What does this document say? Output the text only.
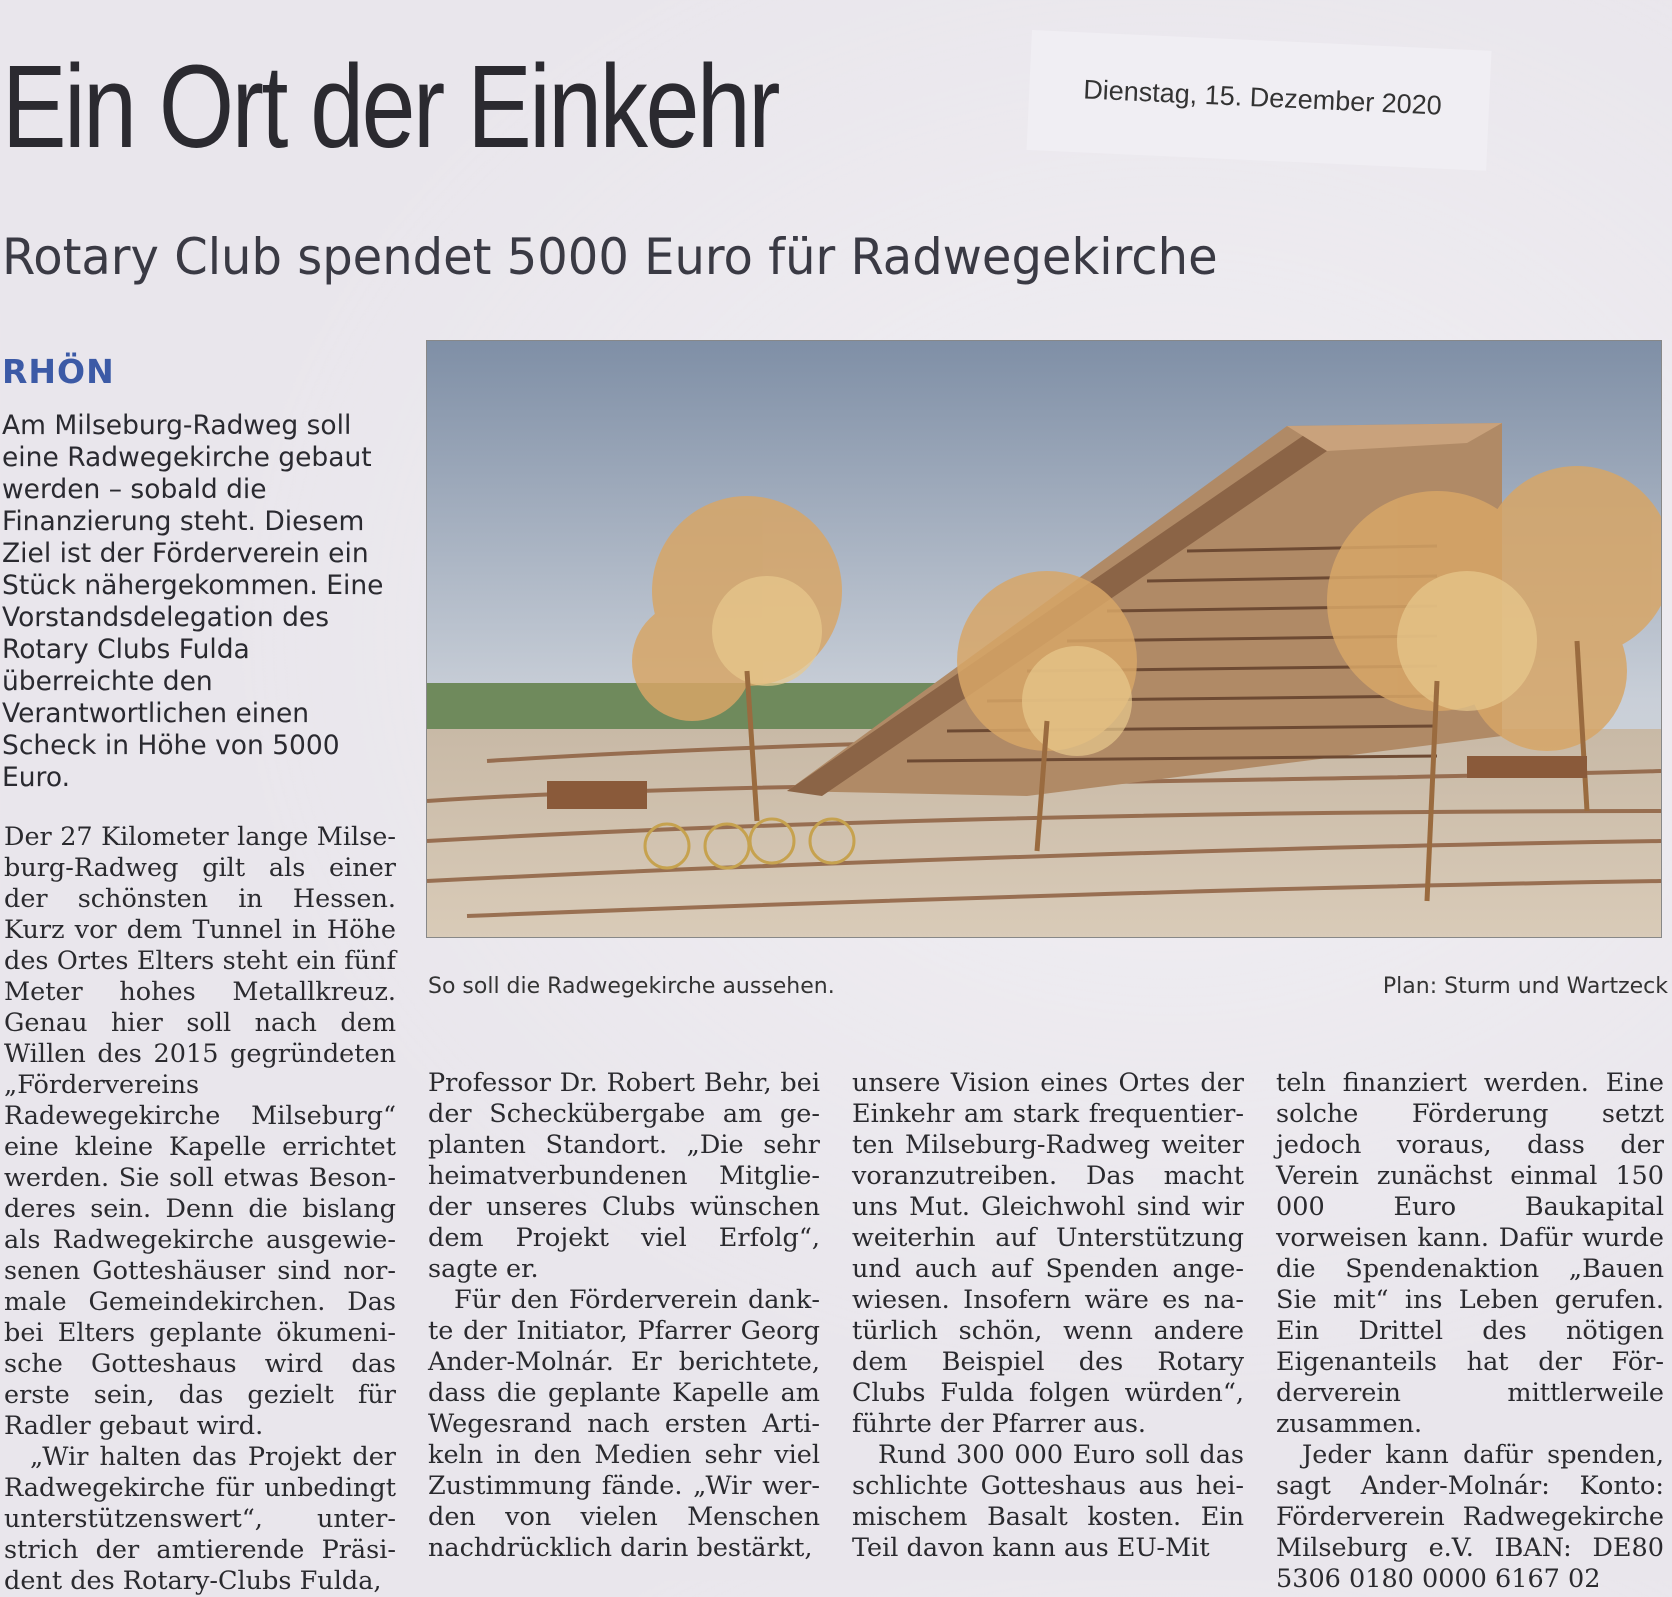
Ein Ort der Einkehr	Dienstag, 15. Dezember 2020
Rotary Club spendet 5000 Euro für Radwegekirche
RHÖN

Am Milseburg-Radweg soll eine Radwegekirche gebaut werden – sobald die Finanzierung steht. Diesem Ziel ist der Förderverein ein Stück nähergekommen. Eine Vorstandsdelegation des Rotary Clubs Fulda überreichte den Verantwortlichen einen Scheck in Höhe von 5000 Euro.

So soll die Radwegekirche aussehen.	Plan: Sturm und Wartzeck

Der 27 Kilometer lange Milseburg-Radweg gilt als einer der schönsten in Hessen. Kurz vor dem Tunnel in Höhe des Ortes Elters steht ein fünf Meter hohes Metallkreuz. Genau hier soll nach dem Willen des 2015 gegründeten „Fördervereins Radewegekirche Milseburg“ eine kleine Kapelle errichtet werden. Sie soll etwas Besonderes sein. Denn die bislang als Radwegekirche ausgewiesenen Gotteshäuser sind normale Gemeindekirchen. Das bei Elters geplante ökumenische Gotteshaus wird das erste sein, das gezielt für Radler gebaut wird.

„Wir halten das Projekt der Radwegekirche für unbedingt unterstützenswert“, unterstrich der amtierende Präsident des Rotary-Clubs Fulda,

Professor Dr. Robert Behr, bei der Scheckübergabe am geplanten Standort. „Die sehr heimatverbundenen Mitglieder unseres Clubs wünschen dem Projekt viel Erfolg“, sagte er.

Für den Förderverein dankte der Initiator, Pfarrer Georg Ander-Molnár. Er berichtete, dass die geplante Kapelle am Wegesrand nach ersten Artikeln in den Medien sehr viel Zustimmung fände. „Wir werden von vielen Menschen nachdrücklich darin bestärkt,

unsere Vision eines Ortes der Einkehr am stark frequentierten Milseburg-Radweg weiter voranzutreiben. Das macht uns Mut. Gleichwohl sind wir weiterhin auf Unterstützung und auch auf Spenden angewiesen. Insofern wäre es natürlich schön, wenn andere dem Beispiel des Rotary Clubs Fulda folgen würden“, führte der Pfarrer aus.

Rund 300 000 Euro soll das schlichte Gotteshaus aus heimischem Basalt kosten. Ein Teil davon kann aus EU-Mit

teln finanziert werden. Eine solche Förderung setzt jedoch voraus, dass der Verein zunächst einmal 150 000 Euro Baukapital vorweisen kann. Dafür wurde die Spendenaktion „Bauen Sie mit“ ins Leben gerufen. Ein Drittel des nötigen Eigenanteils hat der Förderverein mittlerweile zusammen.

Jeder kann dafür spenden, sagt Ander-Molnár: Konto: Förderverein Radwegekirche Milseburg e.V. IBAN: DE80 5306 0180 0000 6167 02
